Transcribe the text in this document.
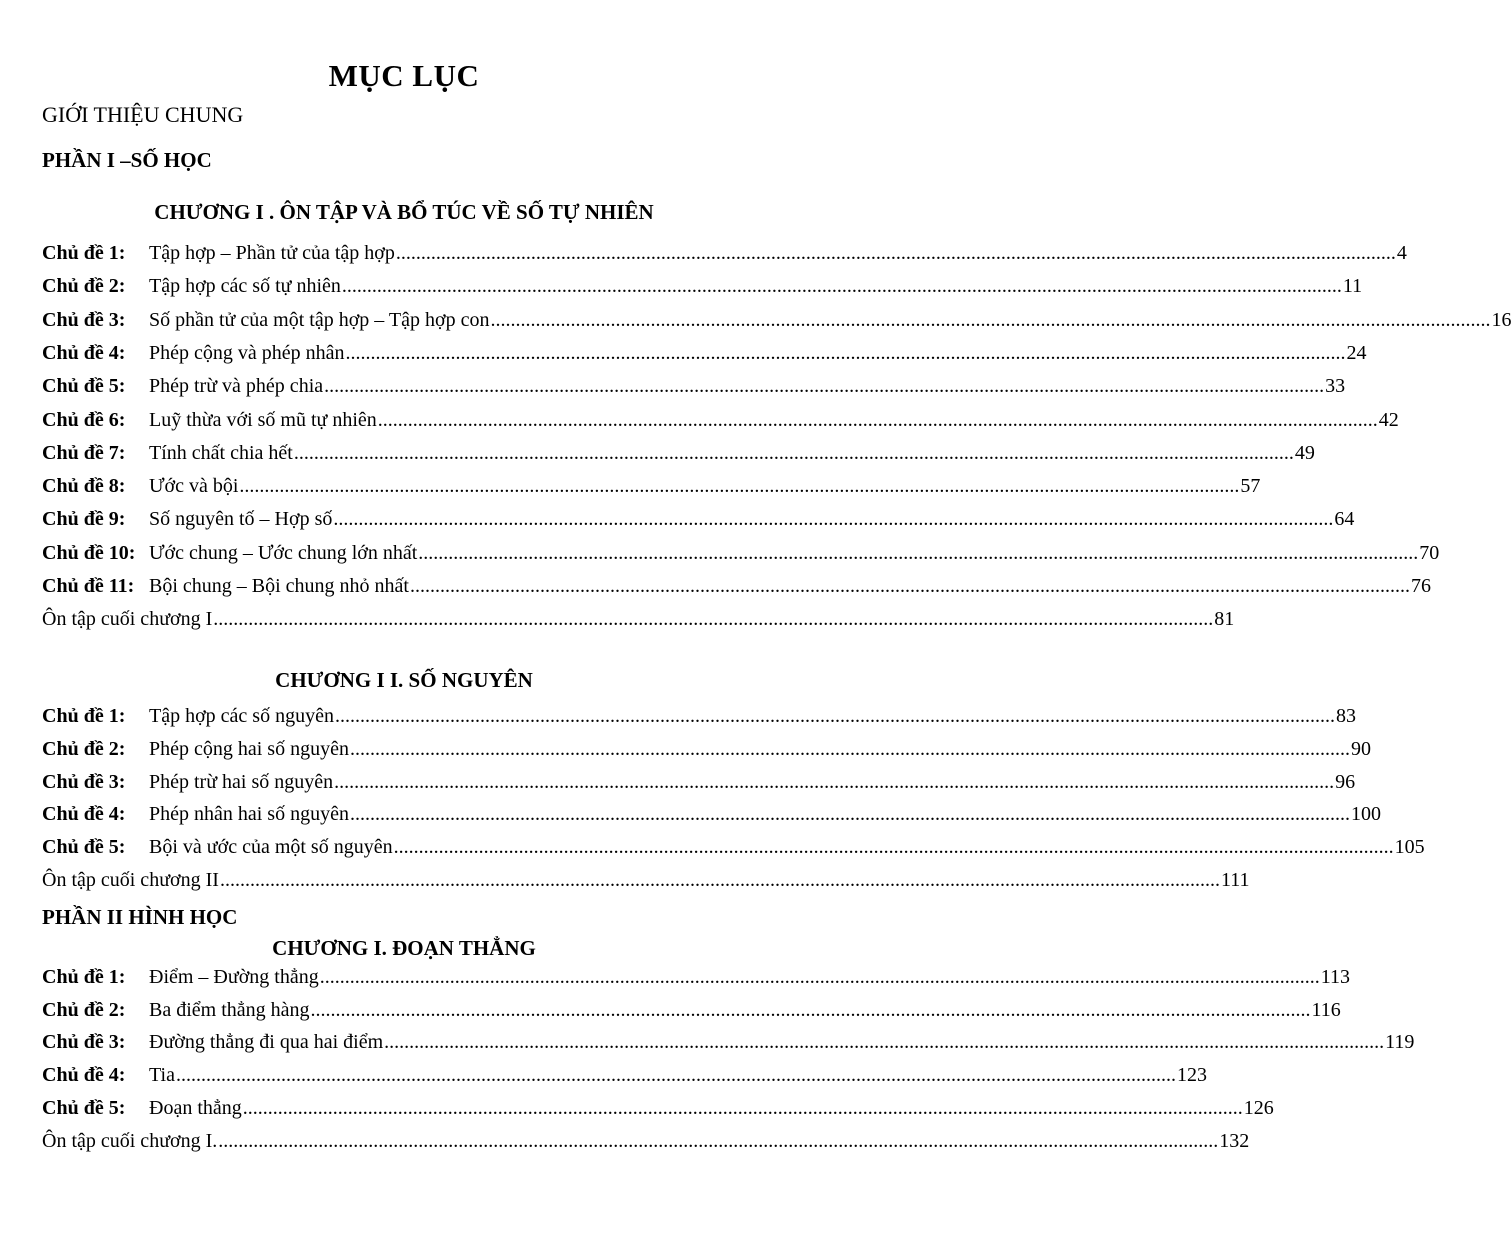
MỤC LỤC
GIỚI THIỆU CHUNG
PHẦN I –SỐ HỌC
CHƯƠNG I . ÔN TẬP VÀ BỔ TÚC VỀ SỐ TỰ NHIÊN
Chủ đề 1:	Tập hợp – Phần tử của tập hợp ........................................................................................................................................................................................................ 4
Chủ đề 2:	Tập hợp các số tự nhiên ........................................................................................................................................................................................................ 11
Chủ đề 3:	Số phần tử của một tập hợp – Tập hợp con ........................................................................................................................................................................................................ 16
Chủ đề 4:	Phép cộng và phép nhân ........................................................................................................................................................................................................ 24
Chủ đề 5:	Phép trừ và phép chia ........................................................................................................................................................................................................ 33
Chủ đề 6:	Luỹ thừa với số mũ tự nhiên ........................................................................................................................................................................................................ 42
Chủ đề 7:	Tính chất chia hết ........................................................................................................................................................................................................ 49
Chủ đề 8:	Ước và bội ........................................................................................................................................................................................................ 57
Chủ đề 9:	Số nguyên tố – Hợp số ........................................................................................................................................................................................................ 64
Chủ đề 10: Ước chung – Ước chung lớn nhất ........................................................................................................................................................................................................ 70
Chủ đề 11: Bội chung – Bội chung nhỏ nhất ........................................................................................................................................................................................................ 76
Ôn tập cuối chương I ........................................................................................................................................................................................................ 81
CHƯƠNG I I. SỐ NGUYÊN
Chủ đề 1:	Tập hợp các số nguyên ........................................................................................................................................................................................................ 83
Chủ đề 2:	Phép cộng hai số nguyên ........................................................................................................................................................................................................ 90
Chủ đề 3:	Phép trừ hai số nguyên ........................................................................................................................................................................................................ 96
Chủ đề 4:	Phép nhân hai số nguyên ........................................................................................................................................................................................................ 100
Chủ đề 5:	Bội và ước của một số nguyên ........................................................................................................................................................................................................ 105
Ôn tập cuối chương II ........................................................................................................................................................................................................ 111
PHẦN II HÌNH HỌC
CHƯƠNG I. ĐOẠN THẲNG
Chủ đề 1:	Điểm – Đường thẳng ........................................................................................................................................................................................................ 113
Chủ đề 2:	Ba điểm thẳng hàng ........................................................................................................................................................................................................ 116
Chủ đề 3:	Đường thẳng đi qua hai điểm ........................................................................................................................................................................................................ 119
Chủ đề 4:	Tia ........................................................................................................................................................................................................ 123
Chủ đề 5:	Đoạn thẳng ........................................................................................................................................................................................................ 126
Ôn tập cuối chương I. ........................................................................................................................................................................................................ 132
